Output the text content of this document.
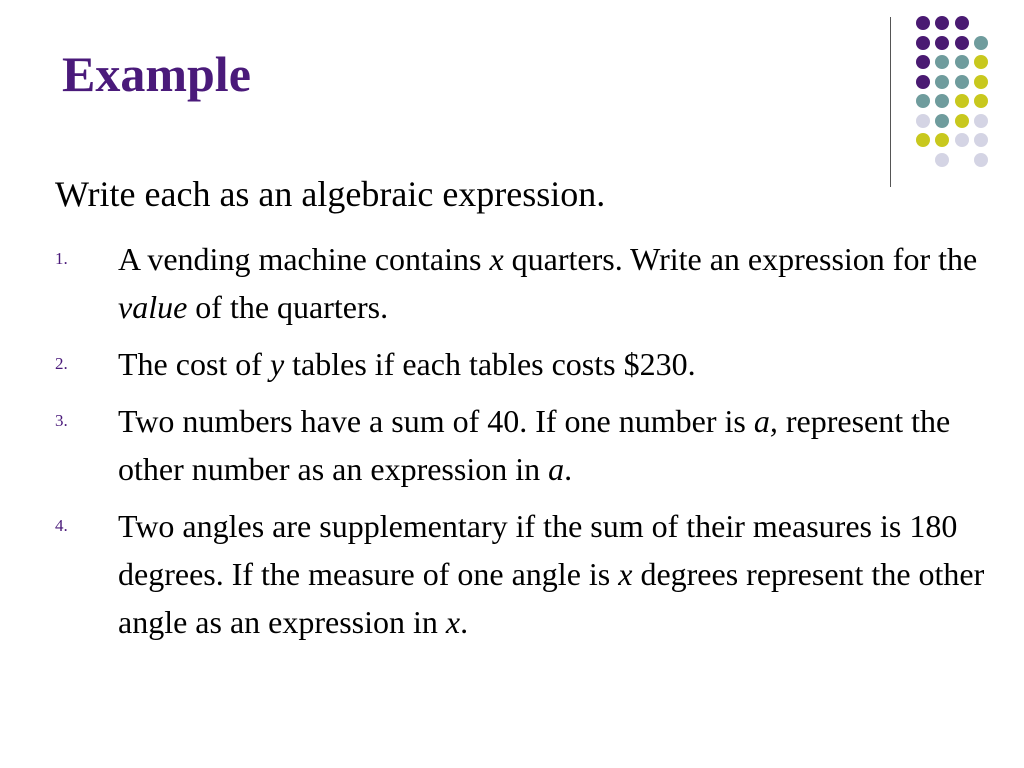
Example

Write each as an algebraic expression.

1. A vending machine contains x quarters. Write an expression for the value of the quarters.
2. The cost of y tables if each tables costs $230.
3. Two numbers have a sum of 40. If one number is a, represent the other number as an expression in a.
4. Two angles are supplementary if the sum of their measures is 180 degrees. If the measure of one angle is x degrees represent the other angle as an expression in x.
